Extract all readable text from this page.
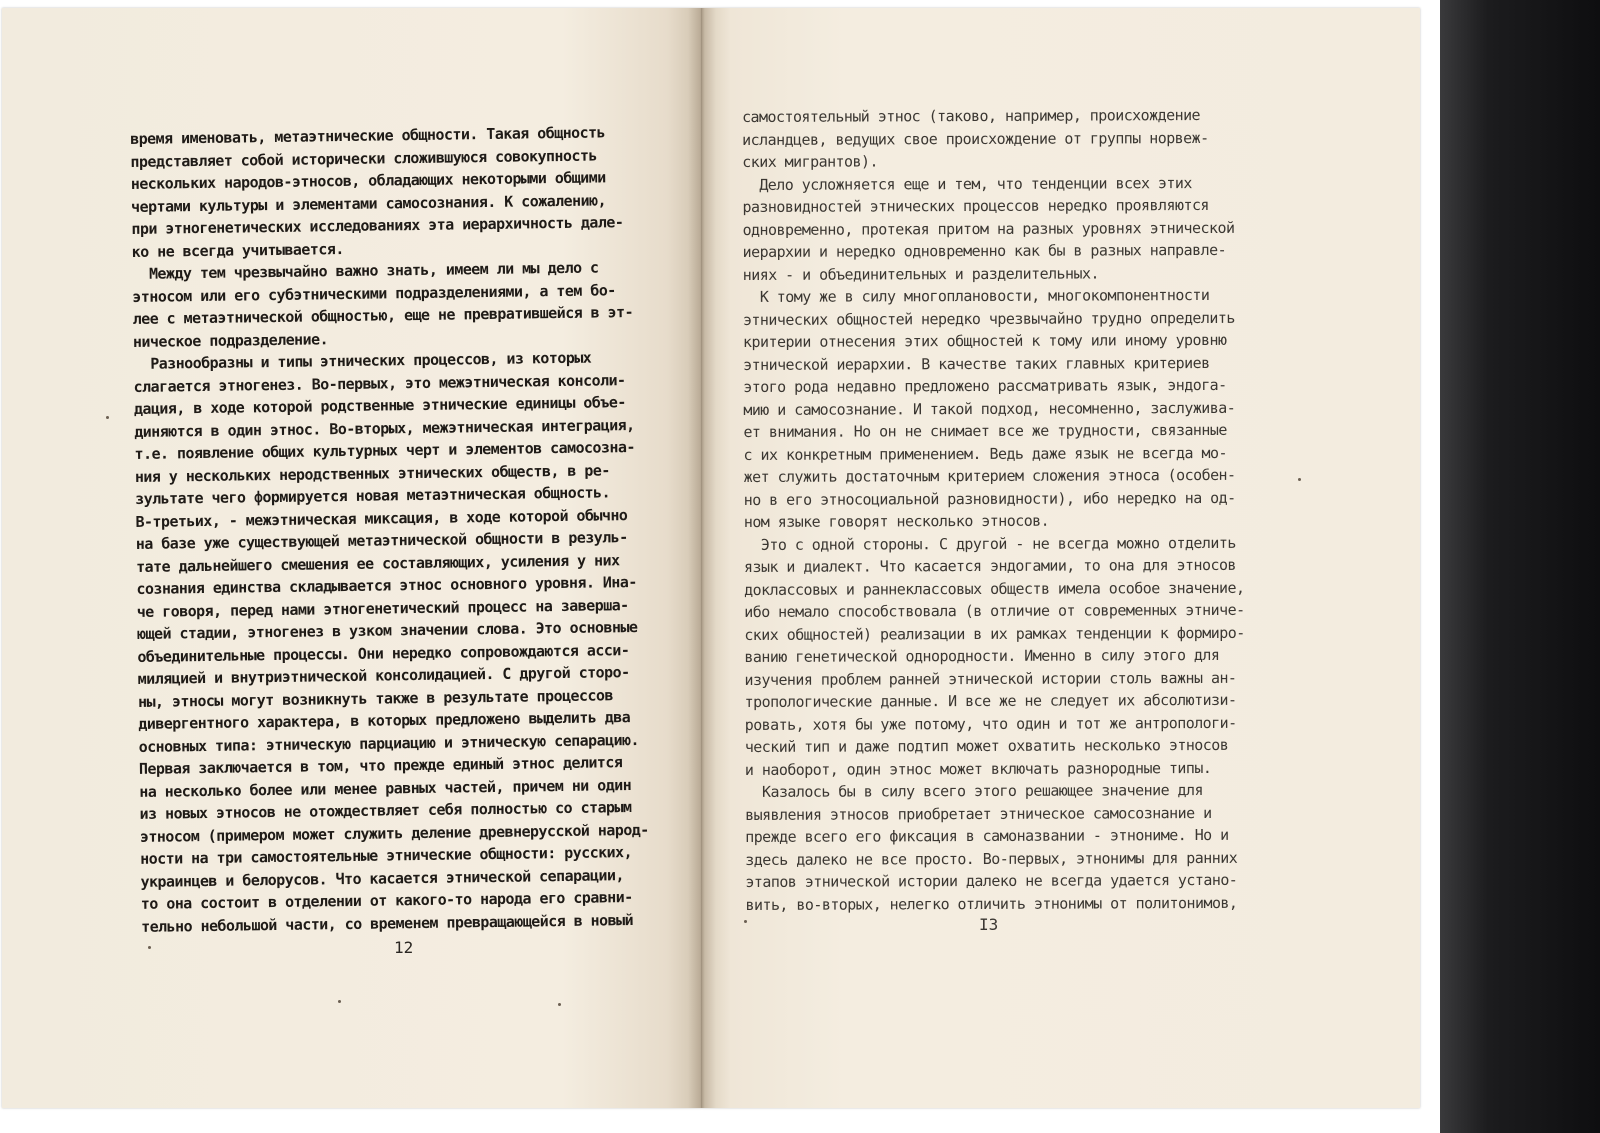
время именовать, метаэтнические общности. Такая общность
представляет собой исторически сложившуюся совокупность
нескольких народов-этносов, обладающих некоторыми общими
чертами культуры и элементами самосознания. К сожалению,
при этногенетических исследованиях эта иерархичность дале-
ко не всегда учитывается.
Между тем чрезвычайно важно знать, имеем ли мы дело с
этносом или его субэтническими подразделениями, а тем бо-
лее с метаэтнической общностью, еще не превратившейся в эт-
ническое подразделение.
Разнообразны и типы этнических процессов, из которых
слагается этногенез. Во-первых, это межэтническая консоли-
дация, в ходе которой родственные этнические единицы объе-
диняются в один этнос. Во-вторых, межэтническая интеграция,
т.е. появление общих культурных черт и элементов самосозна-
ния у нескольких неродственных этнических обществ, в ре-
зультате чего формируется новая метаэтническая общность.
В-третьих, - межэтническая миксация, в ходе которой обычно
на базе уже существующей метаэтнической общности в резуль-
тате дальнейшего смешения ее составляющих, усиления у них
сознания единства складывается этнос основного уровня. Ина-
че говоря, перед нами этногенетический процесс на заверша-
ющей стадии, этногенез в узком значении слова. Это основные
объединительные процессы. Они нередко сопровождаются асси-
миляцией и внутриэтнической консолидацией. С другой сторо-
ны, этносы могут возникнуть также в результате процессов
дивергентного характера, в которых предложено выделить два
основных типа: этническую парциацию и этническую сепарацию.
Первая заключается в том, что прежде единый этнос делится
на несколько более или менее равных частей, причем ни один
из новых этносов не отождествляет себя полностью со старым
этносом (примером может служить деление древнерусской народ-
ности на три самостоятельные этнические общности: русских,
украинцев и белорусов. Что касается этнической сепарации,
то она состоит в отделении от какого-то народа его сравни-
тельно небольшой части, со временем превращающейся в новый
12
самостоятельный этнос (таково, например, происхождение
исландцев, ведущих свое происхождение от группы норвеж-
ских мигрантов).
Дело усложняется еще и тем, что тенденции всех этих
разновидностей этнических процессов нередко проявляются
одновременно, протекая притом на разных уровнях этнической
иерархии и нередко одновременно как бы в разных направле-
ниях - и объединительных и разделительных.
К тому же в силу многоплановости, многокомпонентности
этнических общностей нередко чрезвычайно трудно определить
критерии отнесения этих общностей к тому или иному уровню
этнической иерархии. В качестве таких главных критериев
этого рода недавно предложено рассматривать язык, эндога-
мию и самосознание. И такой подход, несомненно, заслужива-
ет внимания. Но он не снимает все же трудности, связанные
с их конкретным применением. Ведь даже язык не всегда мо-
жет служить достаточным критерием сложения этноса (особен-
но в его этносоциальной разновидности), ибо нередко на од-
ном языке говорят несколько этносов.
Это с одной стороны. С другой - не всегда можно отделить
язык и диалект. Что касается эндогамии, то она для этносов
доклассовых и раннеклассовых обществ имела особое значение,
ибо немало способствовала (в отличие от современных этниче-
ских общностей) реализации в их рамках тенденции к формиро-
ванию генетической однородности. Именно в силу этого для
изучения проблем ранней этнической истории столь важны ан-
тропологические данные. И все же не следует их абсолютизи-
ровать, хотя бы уже потому, что один и тот же антропологи-
ческий тип и даже подтип может охватить несколько этносов
и наоборот, один этнос может включать разнородные типы.
Казалось бы в силу всего этого решающее значение для
выявления этносов приобретает этническое самосознание и
прежде всего его фиксация в самоназвании - этнониме. Но и
здесь далеко не все просто. Во-первых, этнонимы для ранних
этапов этнической истории далеко не всегда удается устано-
вить, во-вторых, нелегко отличить этнонимы от политонимов,
I3
